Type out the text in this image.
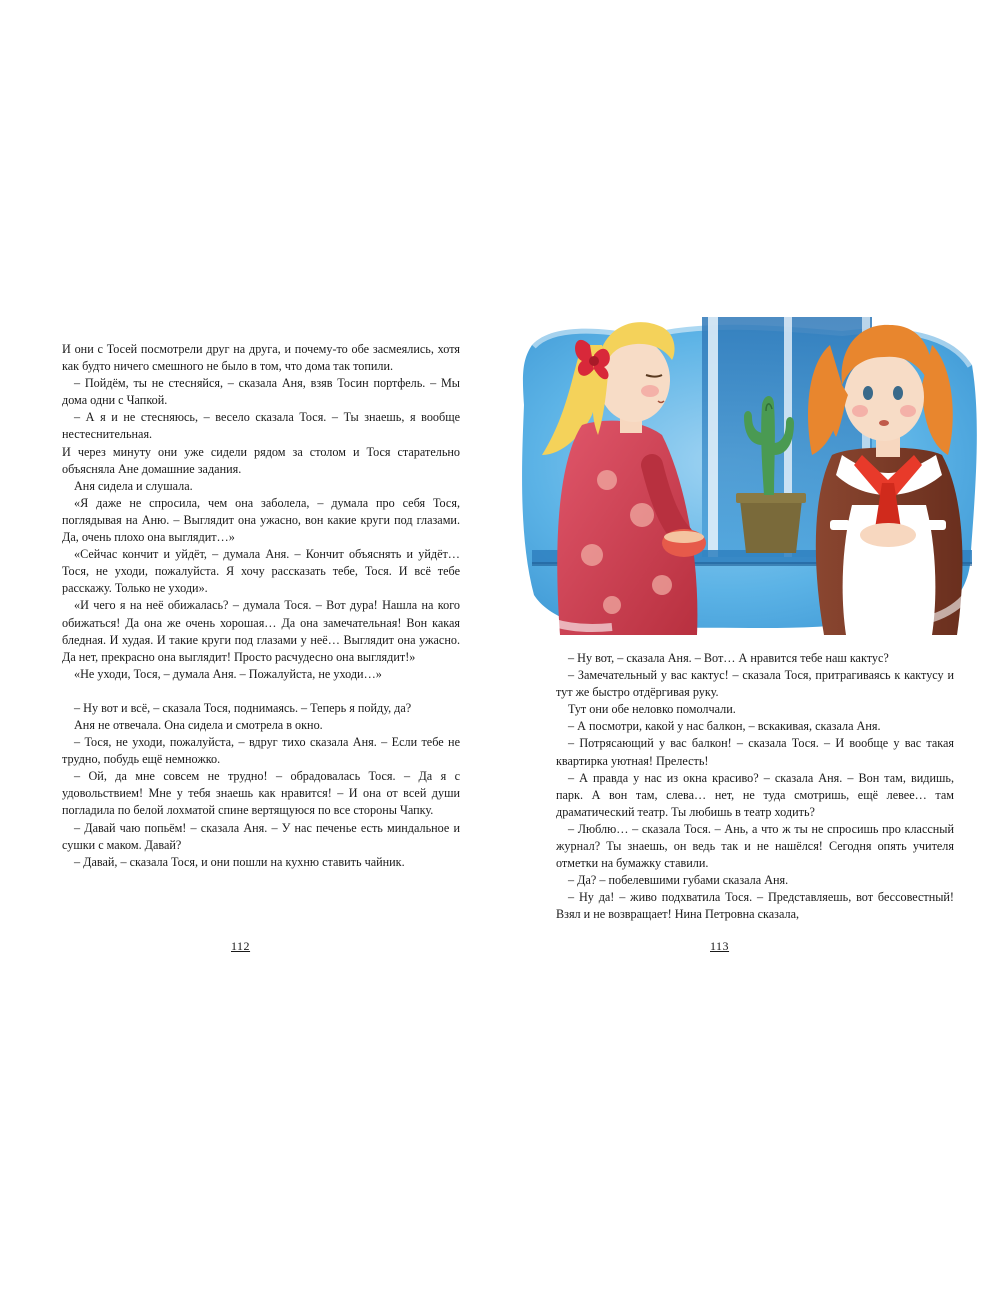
И они с Тосей посмотрели друг на друга, и почему-то обе засмеялись, хотя как будто ничего смешного не было в том, что дома так топили.

– Пойдём, ты не стесняйся, – сказала Аня, взяв Тосин портфель. – Мы дома одни с Чапкой.

– А я и не стесняюсь, – весело сказала Тося. – Ты знаешь, я вообще нестеснительная.

И через минуту они уже сидели рядом за столом и Тося старательно объясняла Ане домашние задания.

Аня сидела и слушала.

«Я даже не спросила, чем она заболела, – думала про себя Тося, поглядывая на Аню. – Выглядит она ужасно, вон какие круги под глазами. Да, очень плохо она выглядит…»

«Сейчас кончит и уйдёт, – думала Аня. – Кончит объяснять и уйдёт… Тося, не уходи, пожалуйста. Я хочу рассказать тебе, Тося. И всё тебе расскажу. Только не уходи».

«И чего я на неё обижалась? – думала Тося. – Вот дура! Нашла на кого обижаться! Да она же очень хорошая… Да она замечательная! Вон какая бледная. И худая. И такие круги под глазами у неё… Выглядит она ужасно. Да нет, прекрасно она выглядит! Просто расчудесно она выглядит!»

«Не уходи, Тося, – думала Аня. – Пожалуйста, не уходи…»

– Ну вот и всё, – сказала Тося, поднимаясь. – Теперь я пойду, да?

Аня не отвечала. Она сидела и смотрела в окно.

– Тося, не уходи, пожалуйста, – вдруг тихо сказала Аня. – Если тебе не трудно, побудь ещё немножко.

– Ой, да мне совсем не трудно! – обрадовалась Тося. – Да я с удовольствием! Мне у тебя знаешь как нравится! – И она от всей души погладила по белой лохматой спине вертящуюся по все стороны Чапку.

– Давай чаю попьём! – сказала Аня. – У нас печенье есть миндальное и сушки с маком. Давай?

– Давай, – сказала Тося, и они пошли на кухню ставить чайник.

112

– Ну вот, – сказала Аня. – Вот… А нравится тебе наш кактус?

– Замечательный у вас кактус! – сказала Тося, притрагиваясь к кактусу и тут же быстро отдёргивая руку.

Тут они обе неловко помолчали.

– А посмотри, какой у нас балкон, – вскакивая, сказала Аня.

– Потрясающий у вас балкон! – сказала Тося. – И вообще у вас такая квартирка уютная! Прелесть!

– А правда у нас из окна красиво? – сказала Аня. – Вон там, видишь, парк. А вон там, слева… нет, не туда смотришь, ещё левее… там драматический театр. Ты любишь в театр ходить?

– Люблю… – сказала Тося. – Ань, а что ж ты не спросишь про классный журнал? Ты знаешь, он ведь так и не нашёлся! Сегодня опять учителя отметки на бумажку ставили.

– Да? – побелевшими губами сказала Аня.

– Ну да! – живо подхватила Тося. – Представляешь, вот бессовестный! Взял и не возвращает! Нина Петровна сказала,

113
